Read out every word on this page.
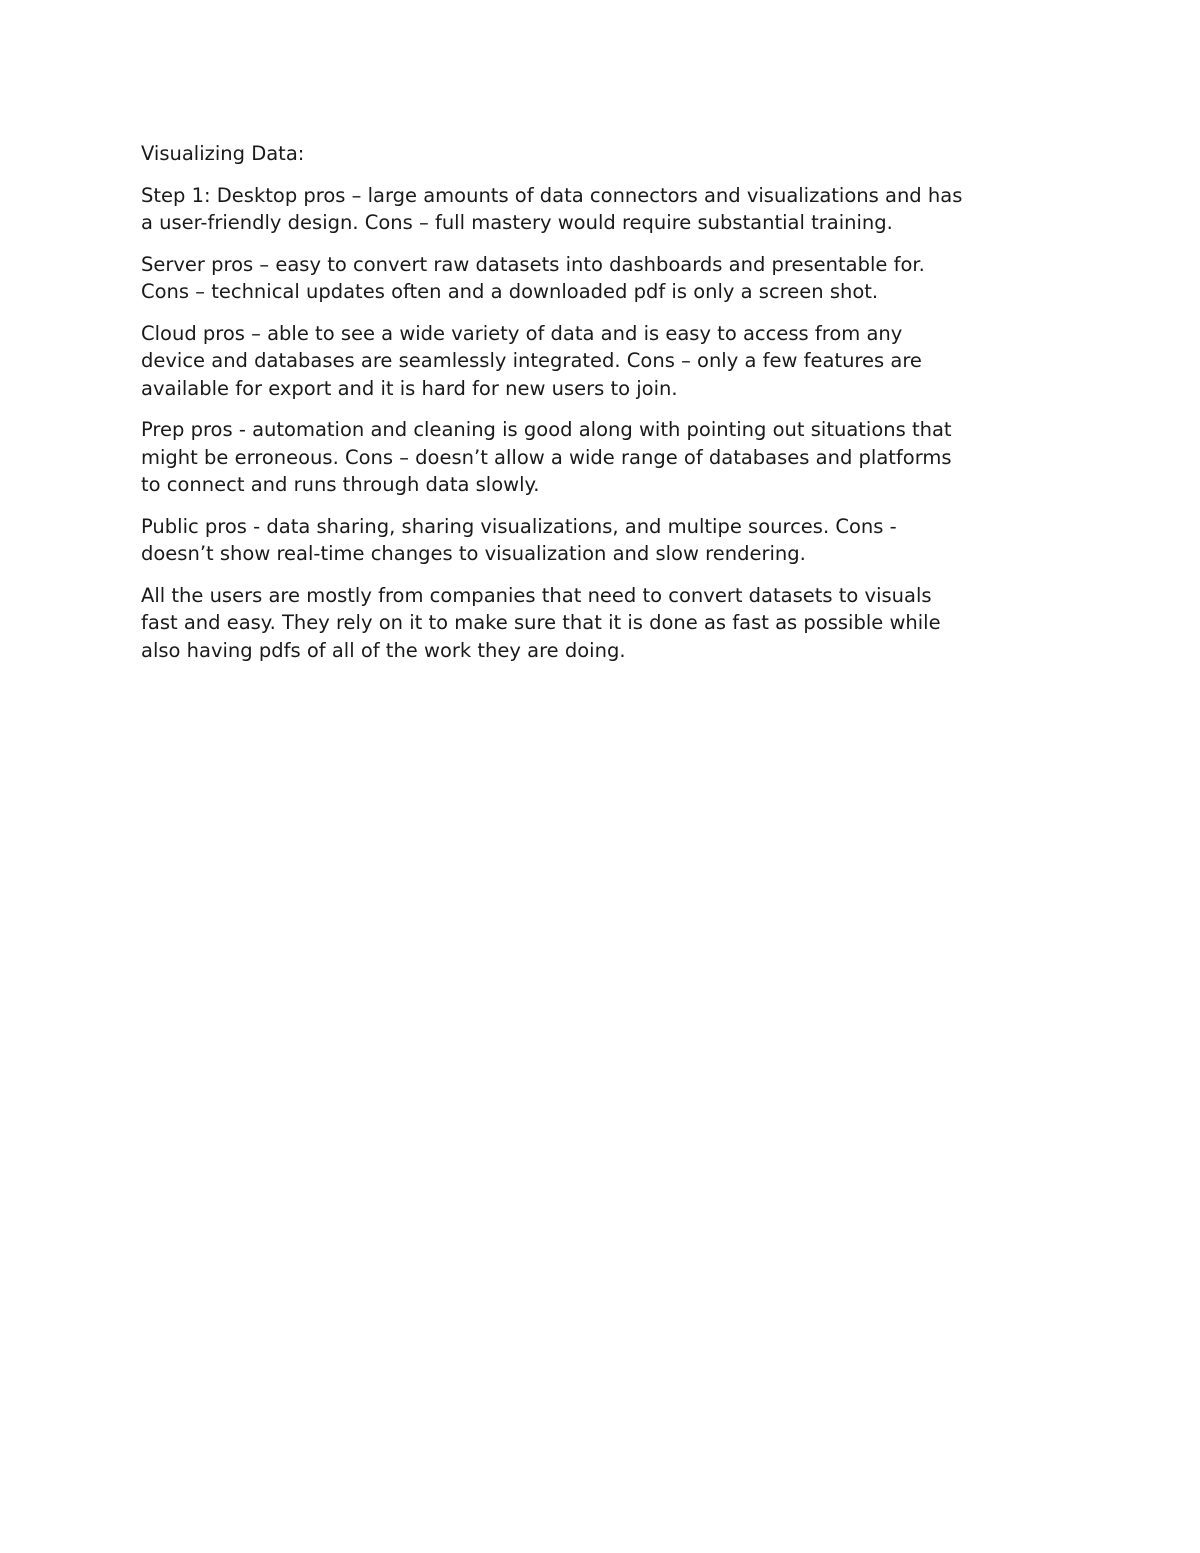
Visualizing Data:

Step 1: Desktop pros – large amounts of data connectors and visualizations and has
a user-friendly design. Cons – full mastery would require substantial training.

Server pros – easy to convert raw datasets into dashboards and presentable for.
Cons – technical updates often and a downloaded pdf is only a screen shot.

Cloud pros – able to see a wide variety of data and is easy to access from any
device and databases are seamlessly integrated. Cons – only a few features are
available for export and it is hard for new users to join.

Prep pros - automation and cleaning is good along with pointing out situations that
might be erroneous. Cons – doesn’t allow a wide range of databases and platforms
to connect and runs through data slowly.

Public pros - data sharing, sharing visualizations, and multipe sources. Cons -
doesn’t show real-time changes to visualization and slow rendering.

All the users are mostly from companies that need to convert datasets to visuals
fast and easy. They rely on it to make sure that it is done as fast as possible while
also having pdfs of all of the work they are doing.
